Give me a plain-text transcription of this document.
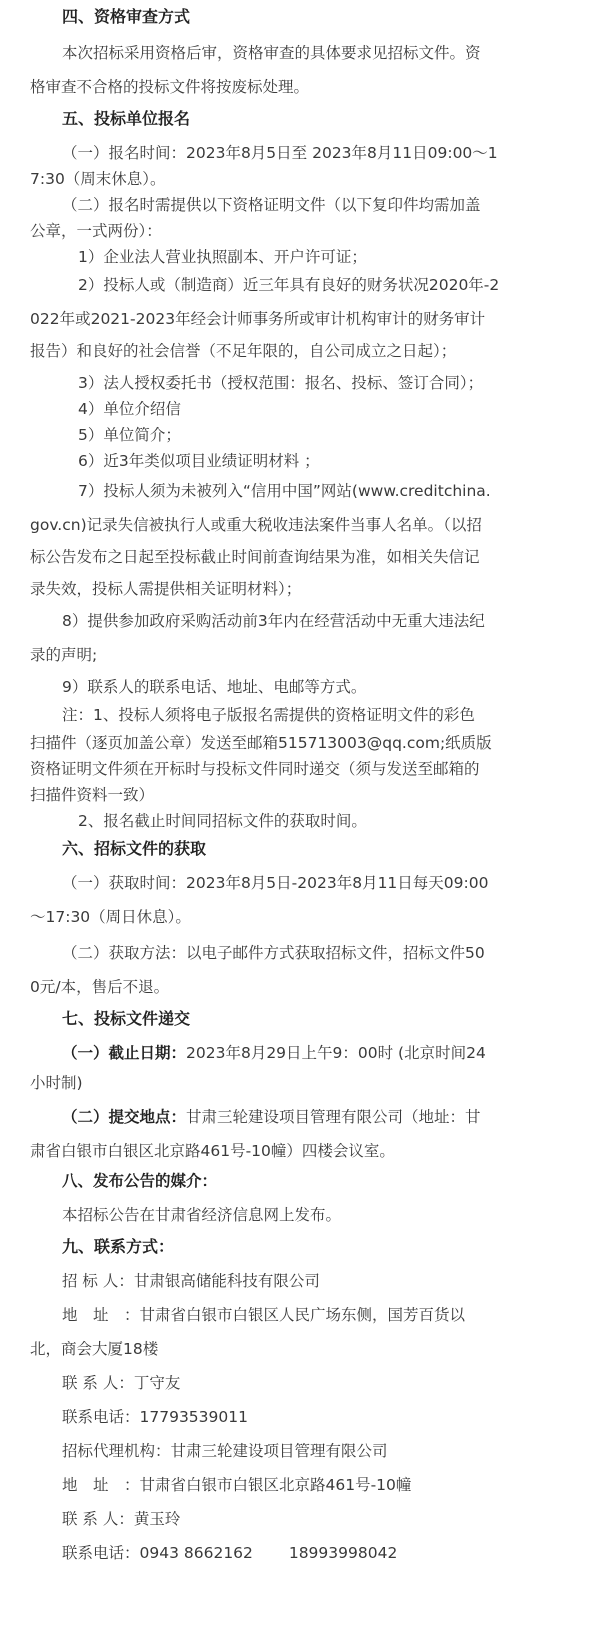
四、资格审查方式
本次招标采用资格后审，资格审查的具体要求见招标文件。资
格审查不合格的投标文件将按废标处理。
五、投标单位报名
（一）报名时间：2023年8月5日至 2023年8月11日09:00～1
7:30（周末休息）。
（二）报名时需提供以下资格证明文件（以下复印件均需加盖
公章，一式两份）：
1）企业法人营业执照副本、开户许可证；
2）投标人或（制造商）近三年具有良好的财务状况2020年-2
022年或2021-2023年经会计师事务所或审计机构审计的财务审计
报告）和良好的社会信誉（不足年限的，自公司成立之日起）；
3）法人授权委托书（授权范围：报名、投标、签订合同）；
4）单位介绍信
5）单位简介；
6）近3年类似项目业绩证明材料 ；
7）投标人须为未被列入“信用中国”网站(www.creditchina.
gov.cn)记录失信被执行人或重大税收违法案件当事人名单。（以招
标公告发布之日起至投标截止时间前查询结果为准，如相关失信记
录失效，投标人需提供相关证明材料）；
8）提供参加政府采购活动前3年内在经营活动中无重大违法纪
录的声明;
9）联系人的联系电话、地址、电邮等方式。
注：1、投标人须将电子版报名需提供的资格证明文件的彩色
扫描件（逐页加盖公章）发送至邮箱515713003@qq.com;纸质版
资格证明文件须在开标时与投标文件同时递交（须与发送至邮箱的
扫描件资料一致）
2、报名截止时间同招标文件的获取时间。
六、招标文件的获取
（一）获取时间：2023年8月5日-2023年8月11日每天09:00
～17:30（周日休息）。
（二）获取方法：以电子邮件方式获取招标文件，招标文件50
0元/本，售后不退。
七、投标文件递交
（一）截止日期：2023年8月29日上午9：00时 (北京时间24
小时制)
（二）提交地点：甘肃三轮建设项目管理有限公司（地址：甘
肃省白银市白银区北京路461号-10幢）四楼会议室。
八、发布公告的媒介：
本招标公告在甘肃省经济信息网上发布。
九、联系方式：
招 标 人：甘肃银高储能科技有限公司
地　址　：甘肃省白银市白银区人民广场东侧，国芳百货以
北，商会大厦18楼
联 系 人：丁守友
联系电话：17793539011
招标代理机构：甘肃三轮建设项目管理有限公司
地　址　：甘肃省白银市白银区北京路461号-10幢
联 系 人：黄玉玲
联系电话：0943 8662162　　 18993998042
